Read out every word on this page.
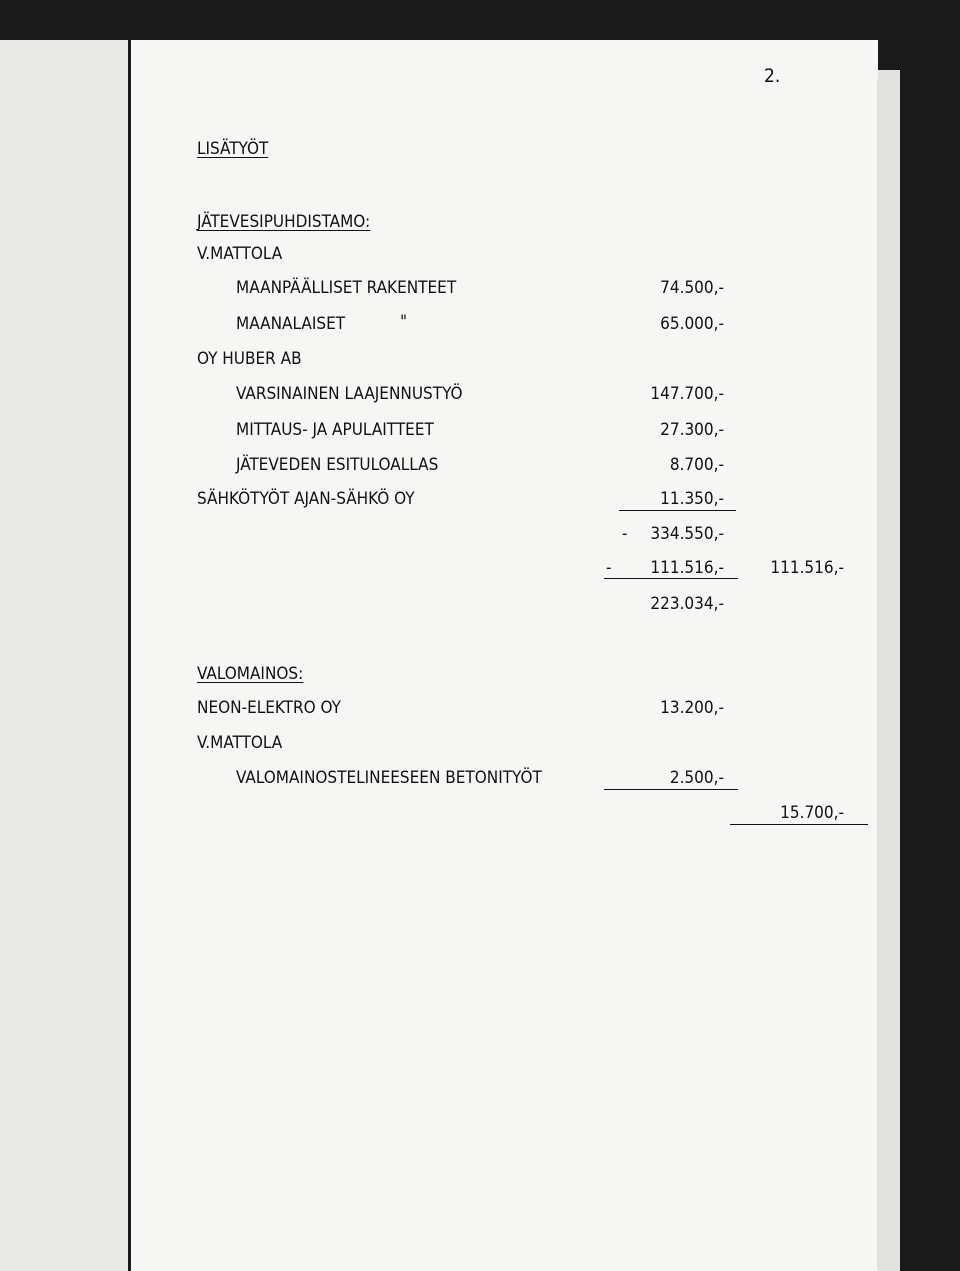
2.
LISÄTYÖT
JÄTEVESIPUHDISTAMO:
V.MATTOLA
MAANPÄÄLLISET RAKENTEET	74.500,-
MAANALAISET	"	65.000,-
OY HUBER AB
VARSINAINEN LAAJENNUSTYÖ	147.700,-
MITTAUS- JA APULAITTEET	27.300,-
JÄTEVEDEN ESITULOALLAS	8.700,-
SÄHKÖTYÖT AJAN-SÄHKÖ OY	11.350,-
-	334.550,-
-	111.516,-	111.516,-
223.034,-
VALOMAINOS:
NEON-ELEKTRO OY	13.200,-
V.MATTOLA
VALOMAINOSTELINEESEEN BETONITYÖT	2.500,-
15.700,-
